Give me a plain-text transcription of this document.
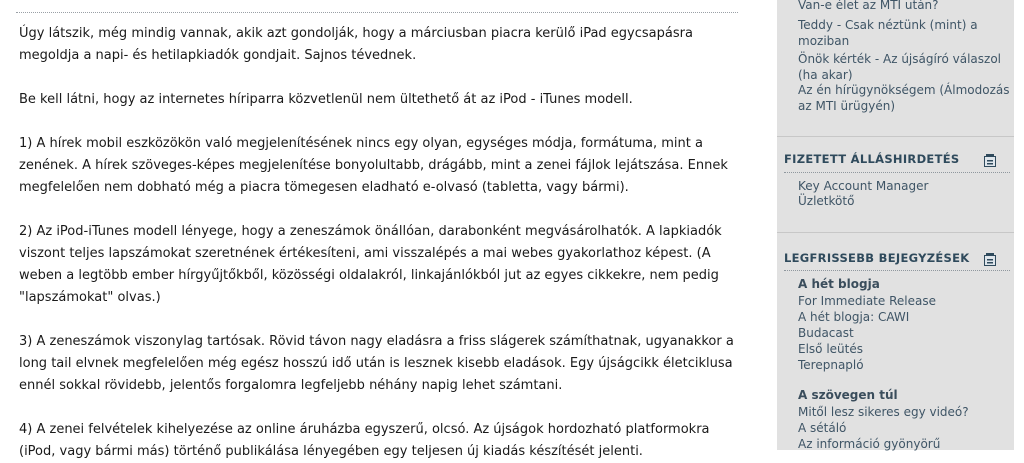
Úgy látszik, még mindig vannak, akik azt gondolják, hogy a márciusban piacra kerülő iPad egycsapásra
megoldja a napi- és hetilapkiadók gondjait. Sajnos tévednek.

Be kell látni, hogy az internetes híriparra közvetlenül nem ültethető át az iPod - iTunes modell.

1) A hírek mobil eszközökön való megjelenítésének nincs egy olyan, egységes módja, formátuma, mint a
zenének. A hírek szöveges-képes megjelenítése bonyolultabb, drágább, mint a zenei fájlok lejátszása. Ennek
megfelelően nem dobható még a piacra tömegesen eladható e-olvasó (tabletta, vagy bármi).

2) Az iPod-iTunes modell lényege, hogy a zeneszámok önállóan, darabonként megvásárolhatók. A lapkiadók
viszont teljes lapszámokat szeretnének értékesíteni, ami visszalépés a mai webes gyakorlathoz képest. (A
weben a legtöbb ember hírgyűjtőkből, közösségi oldalakról, linkajánlókból jut az egyes cikkekre, nem pedig
"lapszámokat" olvas.)

3) A zeneszámok viszonylag tartósak. Rövid távon nagy eladásra a friss slágerek számíthatnak, ugyanakkor a
long tail elvnek megfelelően még egész hosszú idő után is lesznek kisebb eladások. Egy újságcikk életciklusa
ennél sokkal rövidebb, jelentős forgalomra legfeljebb néhány napig lehet számtani.

4) A zenei felvételek kihelyezése az online áruházba egyszerű, olcsó. Az újságok hordozható platformokra
(iPod, vagy bármi más) történő publikálása lényegében egy teljesen új kiadás készítését jelenti.

Van-e élet az MTI után?
Teddy - Csak néztünk (mint) a
moziban
Önök kérték - Az újságíró válaszol
(ha akar)
Az én hírügynökségem (Álmodozás
az MTI ürügyén)
FIZETETT ÁLLÁSHIRDETÉS
Key Account Manager
Üzletkötő
LEGFRISSEBB BEJEGYZÉSEK
A hét blogja
For Immediate Release
A hét blogja: CAWI
Budacast
Első leütés
Terepnapló
A szövegen túl
Mitől lesz sikeres egy videó?
A sétáló
Az információ gyönyörű
